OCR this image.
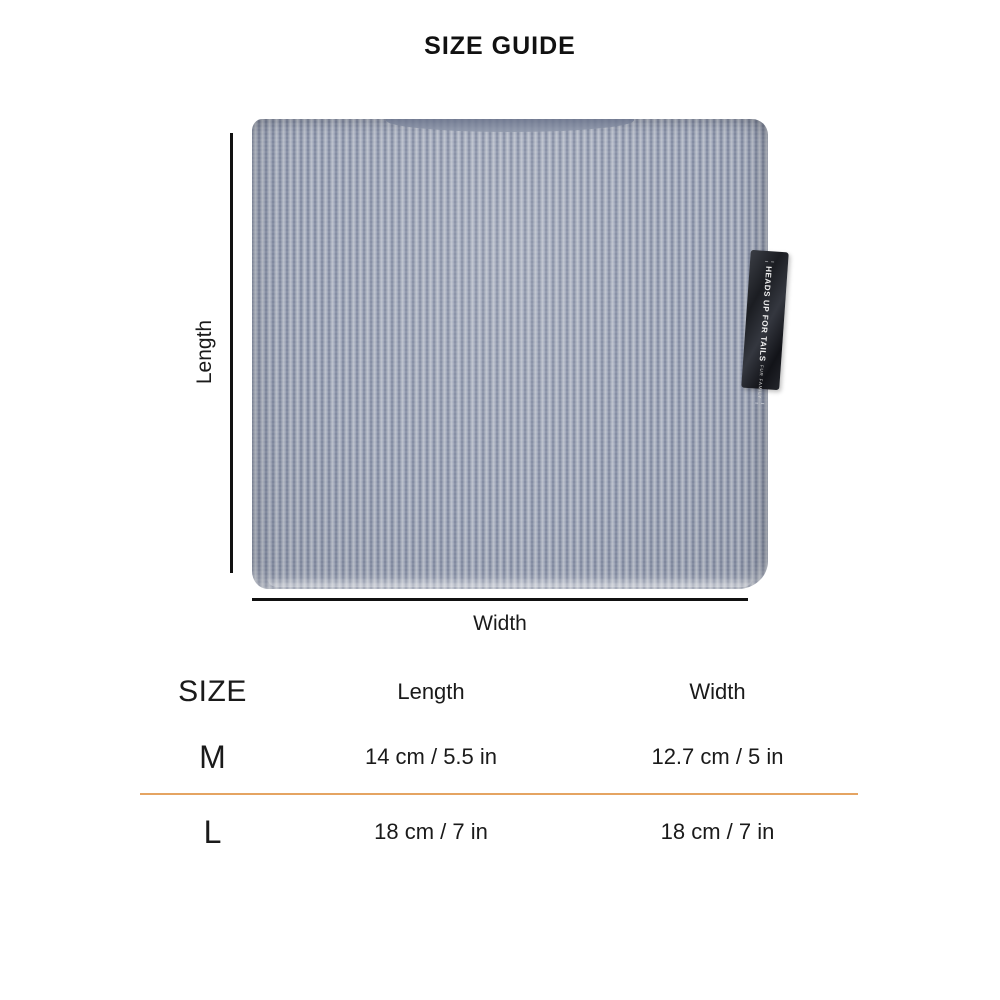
SIZE GUIDE
HEADS UP FOR TAILS
FUR FAMILY
Length
Width
SIZE	Length	Width
M	14 cm / 5.5 in	12.7 cm / 5 in
L	18 cm / 7 in	18 cm / 7 in
